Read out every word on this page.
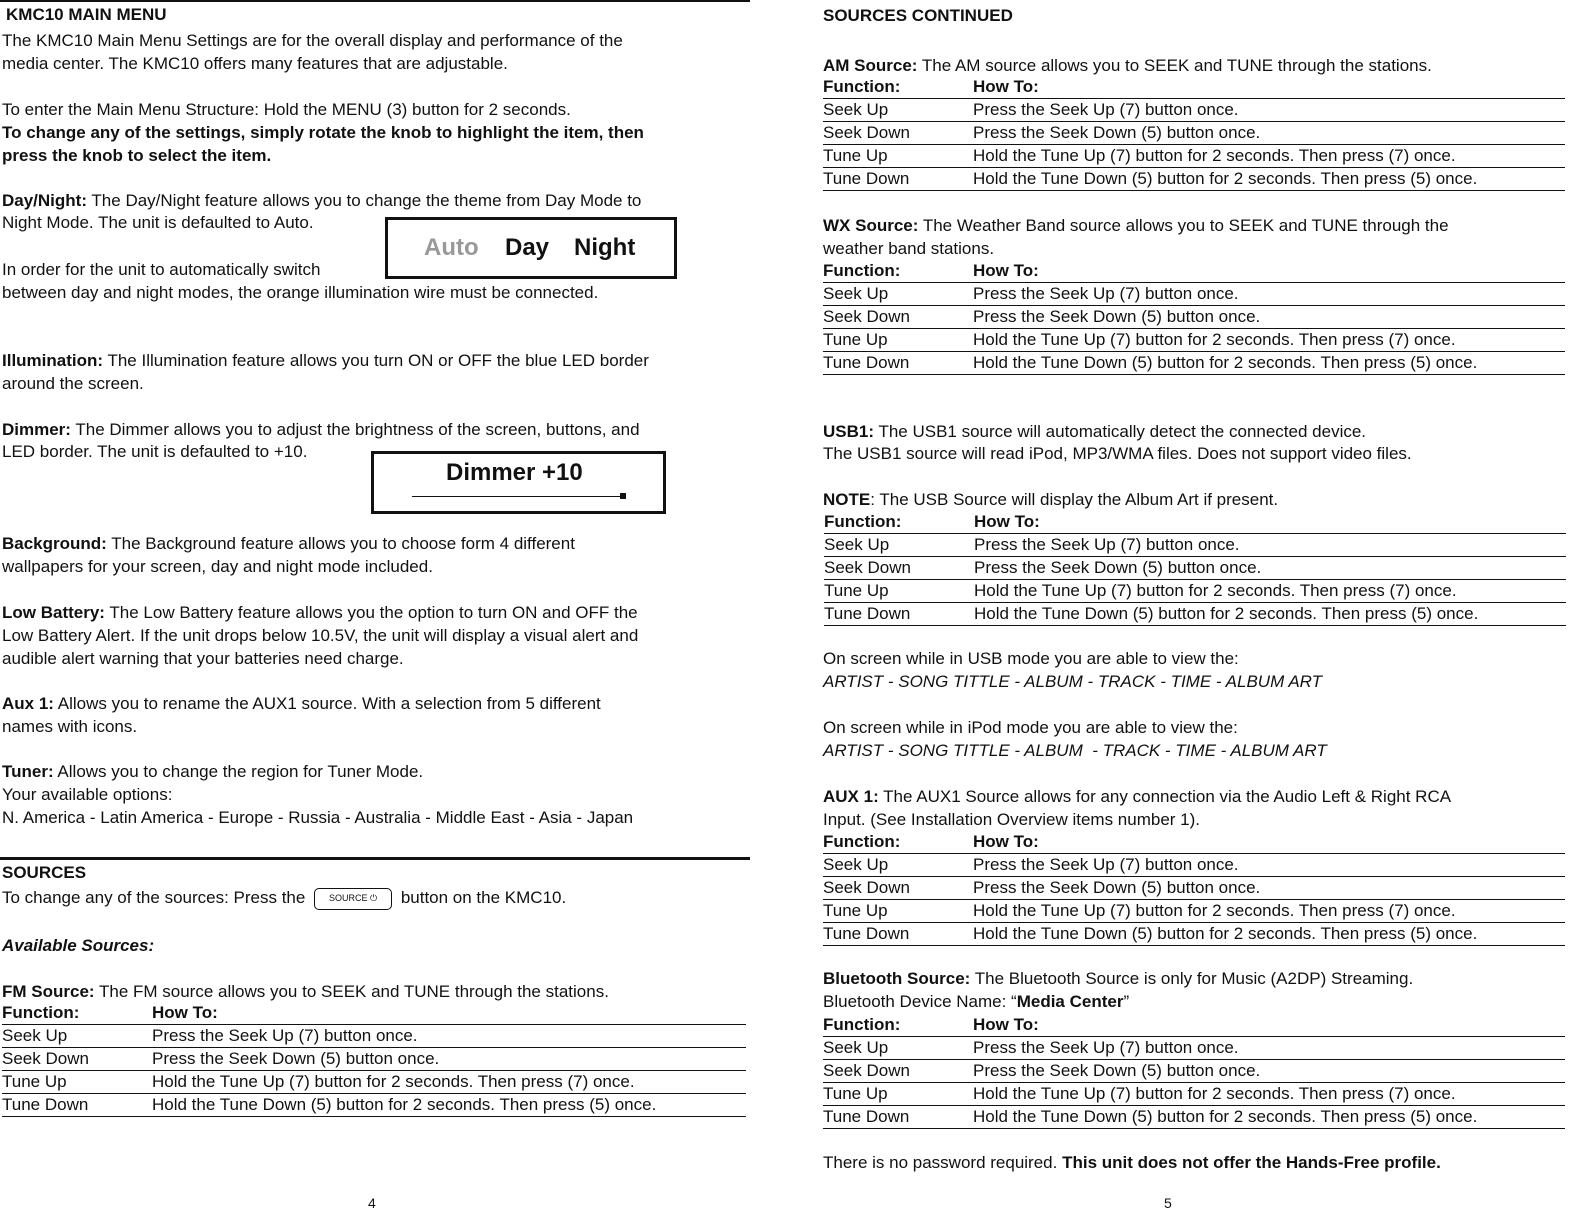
KMC10 MAIN MENU
The KMC10 Main Menu Settings are for the overall display and performance of the
media center. The KMC10 offers many features that are adjustable.
To enter the Main Menu Structure: Hold the MENU (3) button for 2 seconds.
To change any of the settings, simply rotate the knob to highlight the item, then
press the knob to select the item.
Day/Night: The Day/Night feature allows you to change the theme from Day Mode to
Night Mode. The unit is defaulted to Auto.
In order for the unit to automatically switch
between day and night modes, the orange illumination wire must be connected.
Auto Day Night
Illumination: The Illumination feature allows you turn ON or OFF the blue LED border
around the screen.
Dimmer: The Dimmer allows you to adjust the brightness of the screen, buttons, and
LED border. The unit is defaulted to +10.
Dimmer +10
Background: The Background feature allows you to choose form 4 different
wallpapers for your screen, day and night mode included.
Low Battery: The Low Battery feature allows you the option to turn ON and OFF the
Low Battery Alert. If the unit drops below 10.5V, the unit will display a visual alert and
audible alert warning that your batteries need charge.
Aux 1: Allows you to rename the AUX1 source. With a selection from 5 different
names with icons.
Tuner: Allows you to change the region for Tuner Mode.
Your available options:
N. America - Latin America - Europe - Russia - Australia - Middle East - Asia - Japan
SOURCES
To change any of the sources: Press the	SOURCE ⏻ button on the KMC10.
Available Sources:
FM Source: The FM source allows you to SEEK and TUNE through the stations.
Function:	How To:
Seek Up	Press the Seek Up (7) button once.
Seek Down	Press the Seek Down (5) button once.
Tune Up	Hold the Tune Up (7) button for 2 seconds. Then press (7) once.
Tune Down	Hold the Tune Down (5) button for 2 seconds. Then press (5) once.
4
SOURCES CONTINUED
AM Source: The AM source allows you to SEEK and TUNE through the stations.
Function:	How To:
Seek Up	Press the Seek Up (7) button once.
Seek Down	Press the Seek Down (5) button once.
Tune Up	Hold the Tune Up (7) button for 2 seconds. Then press (7) once.
Tune Down	Hold the Tune Down (5) button for 2 seconds. Then press (5) once.
WX Source: The Weather Band source allows you to SEEK and TUNE through the
weather band stations.
Function:	How To:
Seek Up	Press the Seek Up (7) button once.
Seek Down	Press the Seek Down (5) button once.
Tune Up	Hold the Tune Up (7) button for 2 seconds. Then press (7) once.
Tune Down	Hold the Tune Down (5) button for 2 seconds. Then press (5) once.
USB1: The USB1 source will automatically detect the connected device.
The USB1 source will read iPod, MP3/WMA files. Does not support video files.
NOTE: The USB Source will display the Album Art if present.
Function:	How To:
Seek Up	Press the Seek Up (7) button once.
Seek Down	Press the Seek Down (5) button once.
Tune Up	Hold the Tune Up (7) button for 2 seconds. Then press (7) once.
Tune Down	Hold the Tune Down (5) button for 2 seconds. Then press (5) once.
On screen while in USB mode you are able to view the:
ARTIST - SONG TITTLE - ALBUM - TRACK - TIME - ALBUM ART
On screen while in iPod mode you are able to view the:
ARTIST - SONG TITTLE - ALBUM  - TRACK - TIME - ALBUM ART
AUX 1: The AUX1 Source allows for any connection via the Audio Left & Right RCA
Input. (See Installation Overview items number 1).
Function:	How To:
Seek Up	Press the Seek Up (7) button once.
Seek Down	Press the Seek Down (5) button once.
Tune Up	Hold the Tune Up (7) button for 2 seconds. Then press (7) once.
Tune Down	Hold the Tune Down (5) button for 2 seconds. Then press (5) once.
Bluetooth Source: The Bluetooth Source is only for Music (A2DP) Streaming.
Bluetooth Device Name: “Media Center”
Function:	How To:
Seek Up	Press the Seek Up (7) button once.
Seek Down	Press the Seek Down (5) button once.
Tune Up	Hold the Tune Up (7) button for 2 seconds. Then press (7) once.
Tune Down	Hold the Tune Down (5) button for 2 seconds. Then press (5) once.
There is no password required. This unit does not offer the Hands-Free profile.
5
